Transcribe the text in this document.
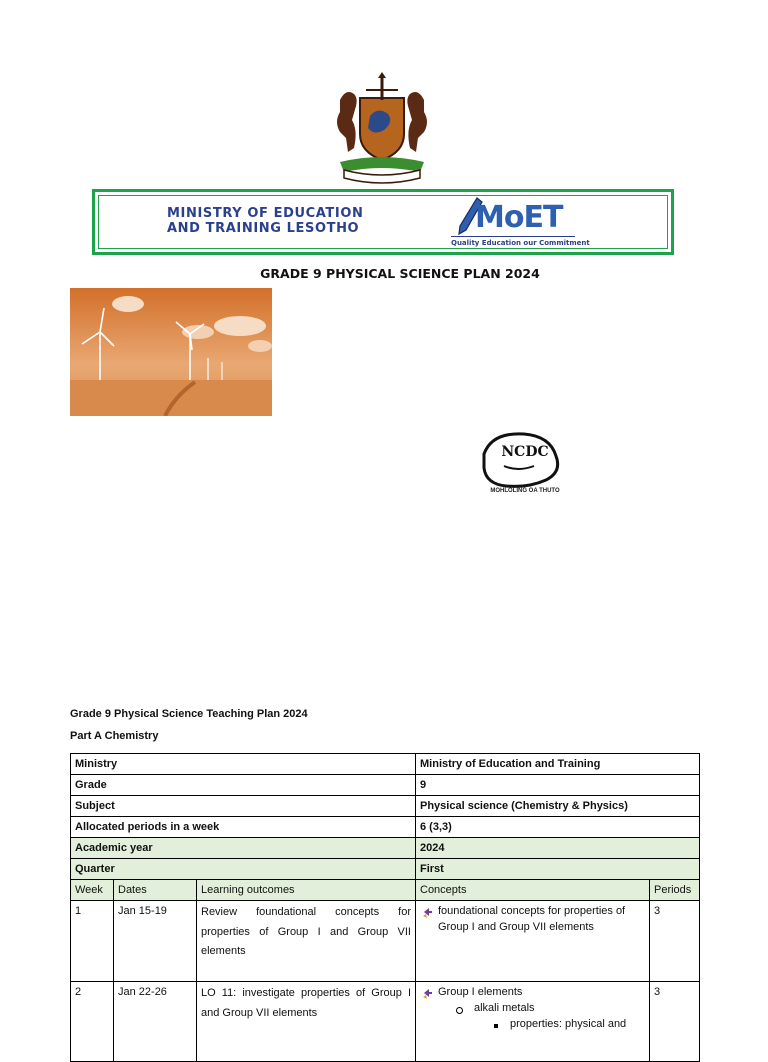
MINISTRY OF EDUCATION
AND TRAINING LESOTHO	MoET
Quality Education our Commitment
GRADE 9 PHYSICAL SCIENCE PLAN 2024
NCDC
MOHLOLING OA THUTO
Grade 9 Physical Science Teaching Plan 2024
Part A Chemistry
Ministry			Ministry of Education and Training	
Grade			9	
Subject			Physical science (Chemistry & Physics)	
Allocated periods in a week			6 (3,3)	
Academic year			2024	
Quarter			First	
Week	Dates	Learning outcomes	Concepts	Periods
1	Jan 15-19	Review foundational concepts for properties of Group I and Group VII elements	foundational concepts for properties of Group I and Group VII elements	3
2	Jan 22-26	LO 11: investigate properties of Group I and Group VII elements	Group I elements
alkali metals
properties: physical and	3
